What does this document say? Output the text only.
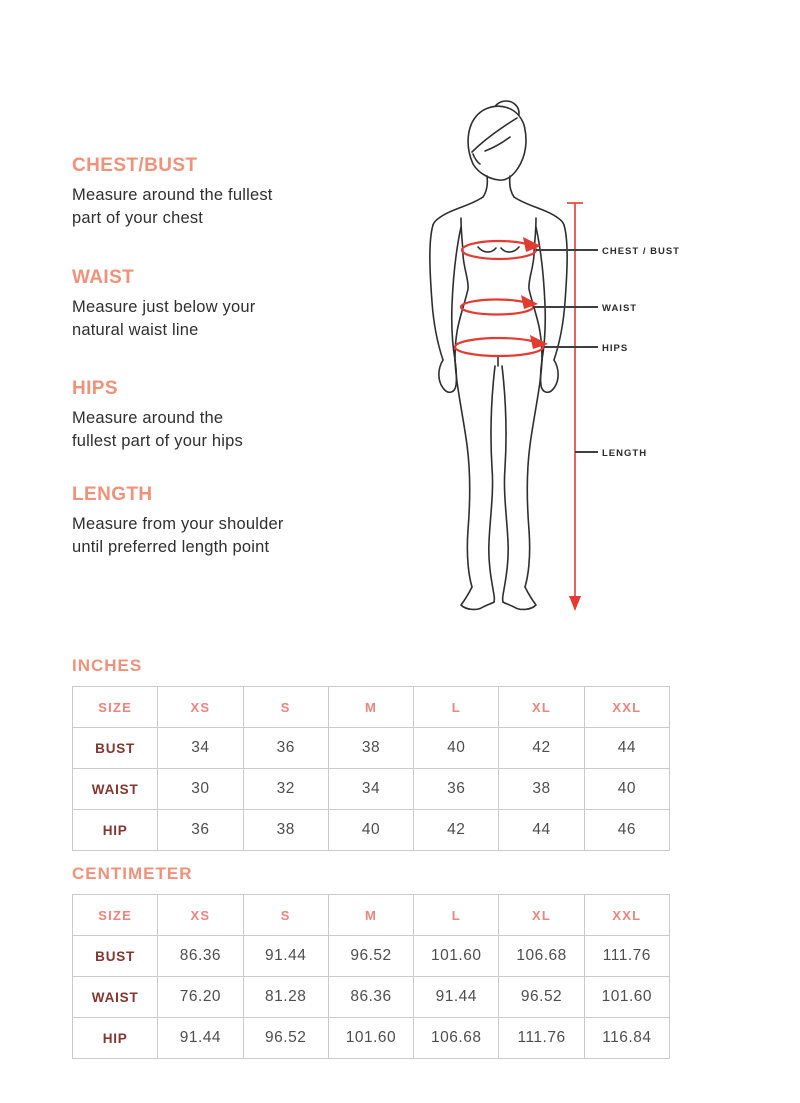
CHEST/BUST

Measure around the fullest
part of your chest

WAIST

Measure just below your
natural waist line

HIPS

Measure around the
fullest part of your hips

LENGTH

Measure from your shoulder
until preferred length point

CHEST / BUST
WAIST
HIPS
LENGTH
INCHES
SIZE	XS	S	M	L	XL	XXL
BUST	34	36	38	40	42	44
WAIST	30	32	34	36	38	40
HIP	36	38	40	42	44	46
CENTIMETER
SIZE	XS	S	M	L	XL	XXL
BUST	86.36	91.44	96.52	101.60	106.68	111.76
WAIST	76.20	81.28	86.36	91.44	96.52	101.60
HIP	91.44	96.52	101.60	106.68	111.76	116.84
